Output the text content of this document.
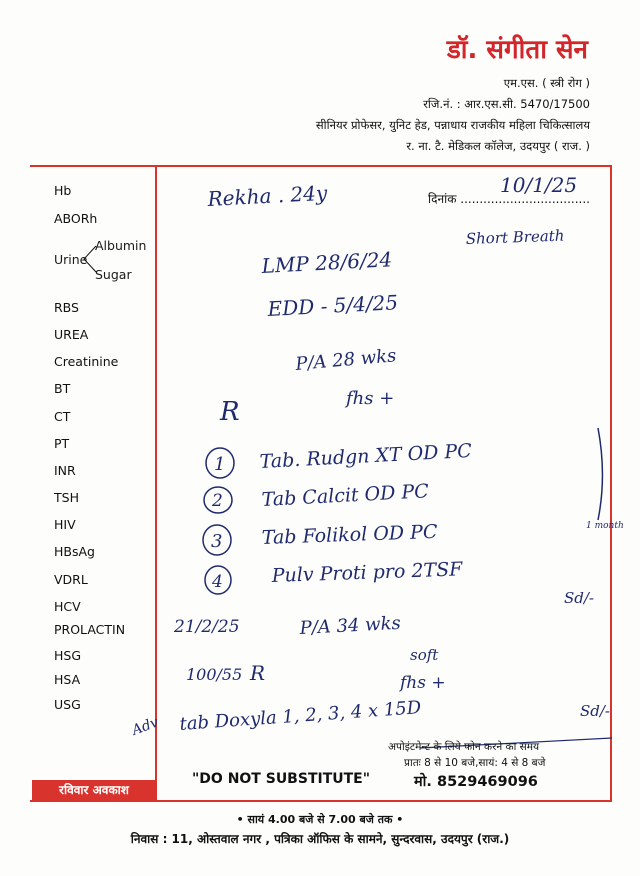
डॉ. संगीता सेन
एम.एस. ( स्त्री रोग )
रजि.नं. : आर.एस.सी. 5470/17500
सीनियर प्रोफेसर, युनिट हेड, पन्नाधाय राजकीय महिला चिकित्सालय
र. ना. टै. मेडिकल कॉलेज, उदयपुर ( राज. )
दिनांक ..................................
Hb
ABORh
Urine
Albumin
Sugar
RBS
UREA
Creatinine
BT
CT
PT
INR
TSH
HIV
HBsAg
VDRL
HCV
PROLACTIN
HSG
HSA
USG
Rekha . 24y	10/1/25
Short Breath
LMP 28/6/24
EDD - 5/4/25
P/A 28 wks
fhs +
R
1
2
3
4
Tab. Rudgn XT OD PC
Tab Calcit OD PC
Tab Folikol OD PC
Pulv Proti pro 2TSF
1 month
Sd/-
21/2/25	P/A 34 wks
soft
fhs +
100/55 R
Adv tab Doxyla 1, 2, 3, 4 x 15D	Sd/-
अपोइंटमेन्ट के लिये फोन करने का समय
प्रातः 8 से 10 बजे,सायं: 4 से 8 बजे
मो. 8529469096
रविवार अवकाश
"DO NOT SUBSTITUTE"
• सायं 4.00 बजे से 7.00 बजे तक •
निवास : 11, ओस्तवाल नगर , पत्रिका ऑफिस के सामने, सुन्दरवास, उदयपुर (राज.)
